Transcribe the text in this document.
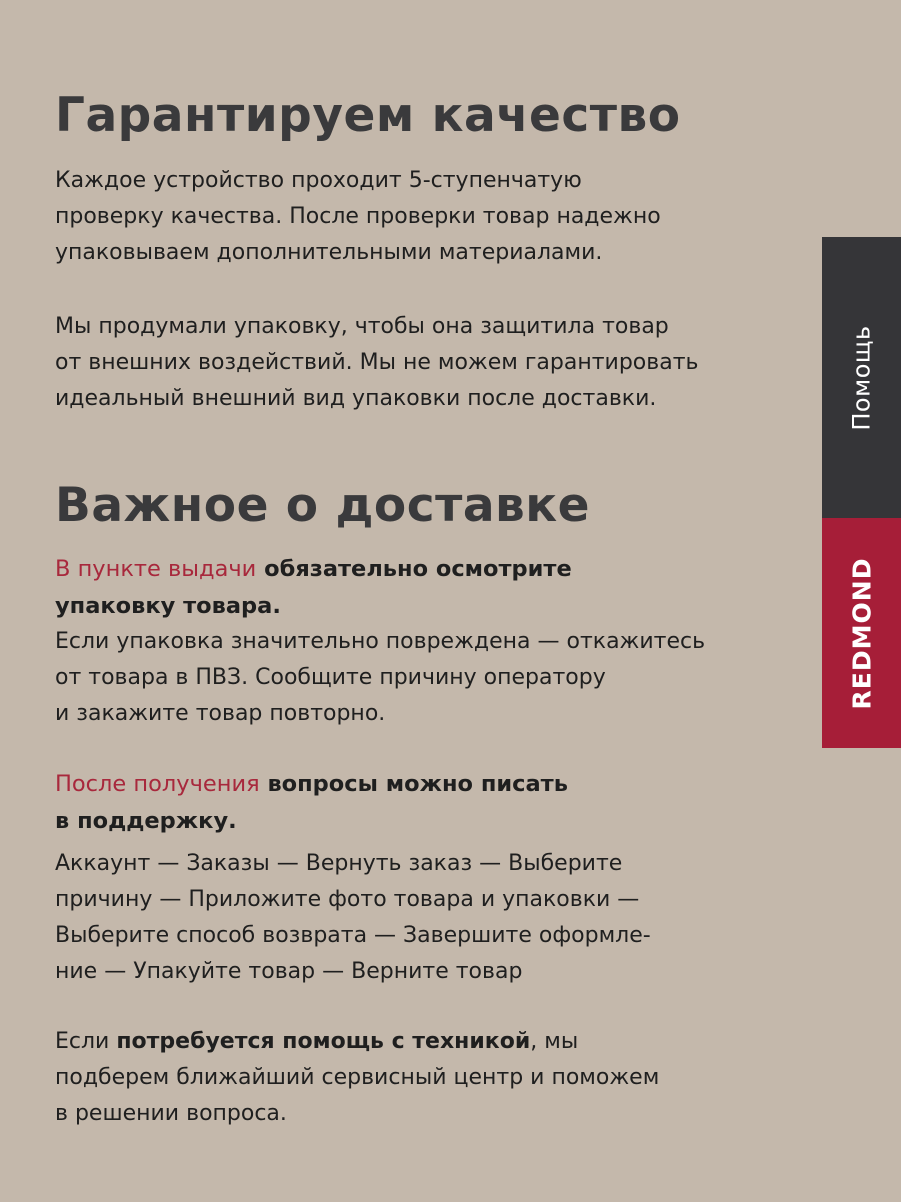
Гарантируем качество

Каждое устройство проходит 5-ступенчатую
проверку качества. После проверки товар надежно
упаковываем дополнительными материалами.

Мы продумали упаковку, чтобы она защитила товар
от внешних воздействий. Мы не можем гарантировать
идеальный внешний вид упаковки после доставки.

Важное о доставке

В пункте выдачи обязательно осмотрите
упаковку товара.

Если упаковка значительно повреждена — откажитесь
от товара в ПВЗ. Сообщите причину оператору
и закажите товар повторно.

После получения вопросы можно писать
в поддержку.

Аккаунт — Заказы — Вернуть заказ — Выберите
причину — Приложите фото товара и упаковки —
Выберите способ возврата — Завершите оформле-
ние — Упакуйте товар — Верните товар

Если потребуется помощь с техникой, мы
подберем ближайший сервисный центр и поможем
в решении вопроса.

Помощь
REDMOND
